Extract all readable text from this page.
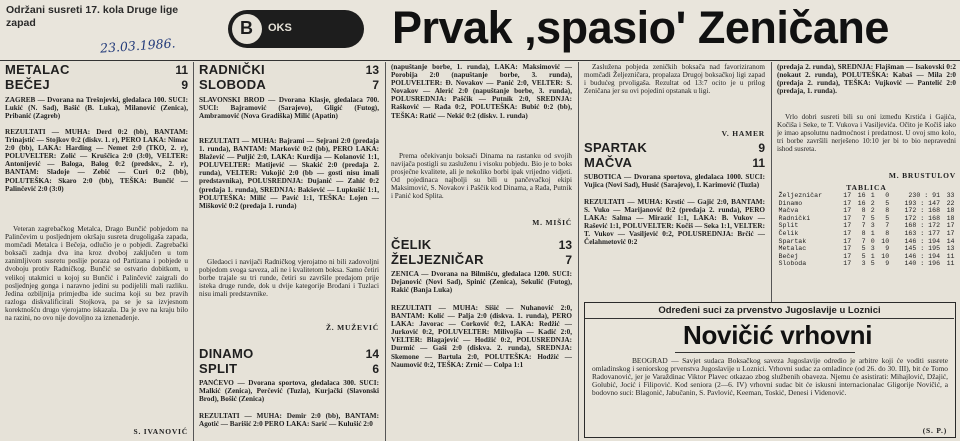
Održani susreti 17. kola Druge lige zapad
23.03.1986.
B OKS Prvak ‚spasio' Zeničane
METALAC	11
BEČEJ	9
ZAGREB — Dvorana na Trešnjevki, gledalaca 100. SUCI: Lukić (N. Sad), Bašić (B. Luka), Milanović (Zenica), Pribanić (Zagreb)
REZULTATI — MUHA: Derd 0:2 (bb), BANTAM: Trinajstić — Stojkov 0:2 (diskv. 1. r), PERO LAKA: Nimac 2:0 (bb), LAKA: Harding — Nemet 2:0 (TKO, 2. r), POLUVELTER: Zolić — Kruščica 2:0 (3:0), VELTER: Antonijević — Baloga, Balog 0:2 (predskv., 2. r), BANTAM: Sladoje — Zebić — Curi 0:2 (bb), POLUTEŠKA: Skaro 2:0 (bb), TEŠKA: Bunčić — Palinčević 2:0 (3:0)
Veteran zagrebačkog Metalca, Drago Bunčić pobjedom na Palinčevim u posljednjem okršaju susreta drugoligaša zapada, momčadi Metalca i Bečeja, odlučio je o pobjedi. Zagrebački boksači zadnja dva ina kroz dvoboj zaključen u tom zanimljivom susretu poslije poraza od Partizana i pobjede u dvoboju protiv Radničkog. Bunčić se ostvario dobitkom, u velikoj utakmici u kojoj su Bunčić i Palinčević zaigrali do posljednjeg gonga i naravno jedini su podijelili mali razliku. Jedina ozbiljnija primjedba ide sucima koji su bez pravih razloga diskvalificirali Stojkova, pa se je sa izvjesnom korektnošću drugo vjerojatno iskazala. Da je sve na kraju bilo na razini, no ovo nije dovoljno za iznenađenje.
S. IVANOVIĆ
RADNIČKI	13
SLOBODA	7
SLAVONSKI BROD — Dvorana Klasje, gledalaca 700. SUCI: Bajramović (Sarajevo), Gligić (Futog), Ambramović (Nova Gradiška) Milić (Apatin)
REZULTATI — MUHA: Bajrami — Sejrani 2:0 (predaja 1. runda), BANTAM: Marković 0:2 (bb), PERO LAKA: Blažević — Puljić 2:0, LAKA: Kurdija — Kolanović 1:1, POLUVELTER: Matijević — Skakić 2:0 (predaja 2. runda), VELTER: Vukojić 2:0 (bb — gosti nisu imali predstavnika), POLUSREDNJA: Dujanić — Zahić 0:2 (predaja 1. runda), SREDNJA: Bakšević — Lupkušić 1:1, POLUTEŠKA: Milić — Pavić 1:1, TEŠKA: Lojen — Mišković 0:2 (predaja 1. runda)
Gledaoci i navijači Radničkog vjerojatno ni bili zadovoljni pobjedom svoga saveza, ali ne i kvalitetom boksa. Samo četiri borbe trajale su tri runde, četiri su završile predajom prije isteka druge runde, dok u dvije kategorije Brođani i Tuzlaci nisu imali predstavnike.
Ž. MUŽEVIĆ
DINAMO	14
SPLIT	6
PANČEVO — Dvorana sportova, gledalaca 300. SUCI: Malkić (Zenica), Perčević (Tuzla), Kurjački (Slavonski Brod), Bošić (Zenica)
REZULTATI — MUHA: Demir 2:0 (bb), BANTAM: Agotić — Barišić 2:0 PERO LAKA: Sarić — Kulušić 2:0
(napuštanje borbe, 1. runda), LAKA: Maksimović — Porobija 2:0 (napuštanje borbe, 3. runda), POLUVELTER: Đ. Novakov — Panić 2:0, VELTER: S. Novakov — Alerić 2:0 (napuštanje borbe, 3. runda), POLUSREDNJA: Paščik — Putnik 2:0, SREDNJA: Rašković — Rađa 0:2, POLUTEŠKA: Bubić 0:2 (bb), TEŠKA: Ratić — Nekić 0:2 (diskv. 1. runda)
Prema očekivanju boksači Dinama na rastanku od svojih navijača postigli su zasluženu i visoku pobjedu. Bio je to boks prosječne kvalitete, ali je nekoliko borbi ipak vrijedno vidjeti. Od pojedinaca najbolji su bili u pančevačkoj ekipi Maksimović, S. Novakov i Paščik kod Dinama, a Rađa, Putnik i Panić kod Splita.
M. MIŠIĆ
ČELIK	13
ŽELJEZNIČAR	7
ZENICA — Dvorana na Bilmišću, gledalaca 1200. SUCI: Dejanović (Novi Sad), Spinić (Zenica), Sekulić (Futog), Rakić (Banja Luka)
REZULTATI — MUHA: Sišić — Nuhanović 2:0, BANTAM: Kolić — Palja 2:0 (diskva. 1. runda), PERO LAKA: Javorac — Corković 0:2, LAKA: Redžić — Jurković 0:2, POLUVELTER: Milivojša — Kadić 2:0, VELTER: Blagajević — Hodžić 0:2, POLUSREDNJA: Durmić — Gaši 2:0 (diskva. 2. runda), SREDNJA: Skemone — Bartula 2:0, POLUTEŠKA: Hodžić — Naumović 0:2, TEŠKA: Zrnić — Colpa 1:1
Zaslužena pobjeda zeničkih boksača nad favoriziranom momčadi Željezničara, propalaza Drugoj boksačkoj ligi zapad i budućeg prvoligaša. Rezultat od 13:7 ocito je u prilog Zeničana jer su ovi pojedini opstanak u ligi.
V. HAMER
SPARTAK	9
MAČVA	11
SUBOTICA — Dvorana sportova, gledalaca 1000. SUCI: Vujica (Novi Sad), Husić (Sarajevo), I. Karimović (Tuzla)
REZULTATI — MUHA: Krstić — Gajić 2:0, BANTAM: S. Vuko — Marijanović 0:2 (predaja 2. runda), PERO LAKA: Salma — Mirazić 1:1, LAKA: B. Vukov — Rašević 1:1, POLUVELTER: Kočiš — Seka 1:1, VELTER: T. Vukov — Vasiljević 0:2, POLUSREDNJA: Brčić — Čelahmetović 0:2
(predaja 2. runda), SREDNJA: Flajšman — Isakovski 0:2 (nokaut 2. runda), POLUTEŠKA: Kabaš — Mila 2:0 (predaja 2. runda), TEŠKA: Vujković — Pantelić 2:0 (predaja, 1. runda).
Vrlo dobri susreti bili su oni između Krstića i Gajića, Kočiša i Seke, te T. Vukova i Vasiljevića. Očito je Kočiš iako je imao apsolutnu nadmoćnost i predatnost. U ovoj smo kolo, tri borbe završili nerješeno 10:10 jer bi to bio nepravedni ishod susreta.
M. BRUSTULOV
TABLICA
Željezničar	17	16	1	0	230 : 91	33
Dinamo	17	16	2	5	193 : 147	22
Mačva	17	8	2	8	172 : 168	18
Radnički	17	7	5	5	172 : 168	18
Split	17	7	3	7	168 : 172	17
Čelik	17	8	1	8	163 : 177	17
Spartak	17	7	0	10	146 : 194	14
Metalac	17	5	3	9	145 : 195	13
Bečej	17	5	1	10	146 : 194	11
Sloboda	17	3	5	9	140 : 196	11
Određeni suci za prvenstvo Jugoslavije u Loznici
Novičić vrhovni
BEOGRAD — Savjet sudaca Boksačkog saveza Jugoslavije odredio je arbitre koji će voditi susrete omladinskog i seniorskog prvenstva Jugoslavije u Loznici. Vrhovni sudac za omladince (od 26. do 30. III), bit će Tomo Radovanović, jer je Varaždinac Viktor Plavec otkazao zbog službenih obaveza. Njemu će asistirati: Mihajlović, Džajić, Golubić, Jocić i Filipović. Kod seniora (2—6. IV) vrhovni sudac bit će iskusni internacionalac Gligorije Novičić, a bodovno suci: Blagonić, Jabučanin, S. Pavlović, Keeman, Toskić, Denesi i Videnović.
(S. P.)
